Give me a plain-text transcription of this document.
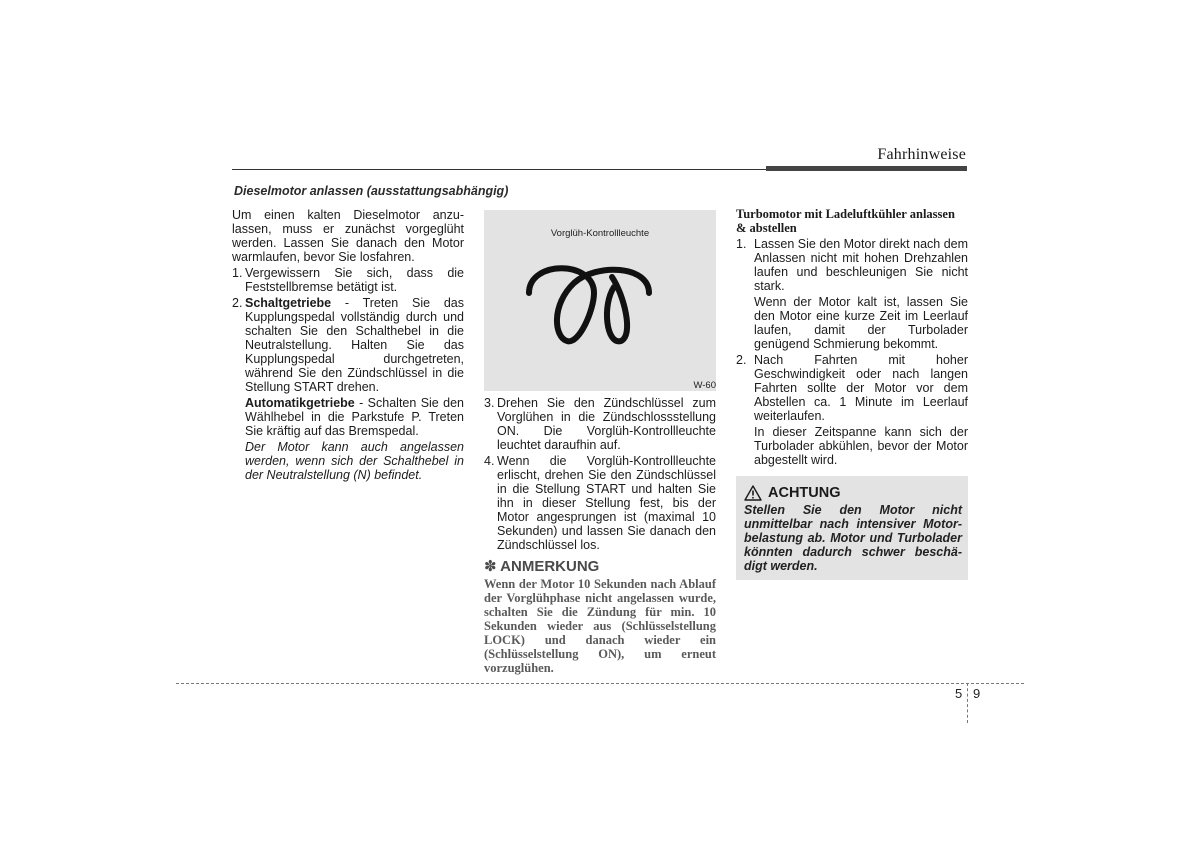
Fahrhinweise
Dieselmotor anlassen (ausstattungsabhängig)

Um einen kalten Dieselmotor anzu- lassen, muss er zunächst vorgeglüht werden. Lassen Sie danach den Motor warmlaufen, bevor Sie losfahren.

1. Vergewissern Sie sich, dass die Feststellbremse betätigt ist.
2. Schaltgetriebe - Treten Sie das Kupplungspedal vollständig durch und schalten Sie den Schalthebel in die Neutralstellung. Halten Sie das Kupplungspedal durchgetreten, während Sie den Zündschlüssel in die Stellung START drehen.
Automatikgetriebe - Schalten Sie den Wählhebel in die Parkstufe P. Treten Sie kräftig auf das Bremspedal.
Der Motor kann auch angelassen werden, wenn sich der Schalthebel in der Neutralstellung (N) befindet.
Vorglüh-Kontrollleuchte
W-60
3. Drehen Sie den Zündschlüssel zum Vorglühen in die Zündschlossstellung ON. Die Vorglüh-Kontrollleuchte leuchtet daraufhin auf.
4. Wenn die Vorglüh-Kontrollleuchte erlischt, drehen Sie den Zündschlüssel in die Stellung START und halten Sie ihn in dieser Stellung fest, bis der Motor angesprungen ist (maximal 10 Sekunden) und lassen Sie danach den Zündschlüssel los.
✽ ANMERKUNG
Wenn der Motor 10 Sekunden nach Ablauf der Vorglühphase nicht angelassen wurde, schalten Sie die Zündung für min. 10 Sekunden wieder aus (Schlüsselstellung LOCK) und danach wieder ein (Schlüsselstellung ON), um erneut vorzuglühen.
Turbomotor mit Ladeluftkühler anlassen & abstellen
1. Lassen Sie den Motor direkt nach dem Anlassen nicht mit hohen Drehzahlen laufen und beschleunigen Sie nicht stark.
Wenn der Motor kalt ist, lassen Sie den Motor eine kurze Zeit im Leerlauf laufen, damit der Turbolader genügend Schmierung bekommt.
2. Nach Fahrten mit hoher Geschwindigkeit oder nach langen Fahrten sollte der Motor vor dem Abstellen ca. 1 Minute im Leerlauf weiterlaufen.
In dieser Zeitspanne kann sich der Turbolader abkühlen, bevor der Motor abgestellt wird.
ACHTUNG
Stellen Sie den Motor nicht unmittelbar nach intensiver Motor- belastung ab. Motor und Turbolader könnten dadurch schwer beschä- digt werden.
5 9
